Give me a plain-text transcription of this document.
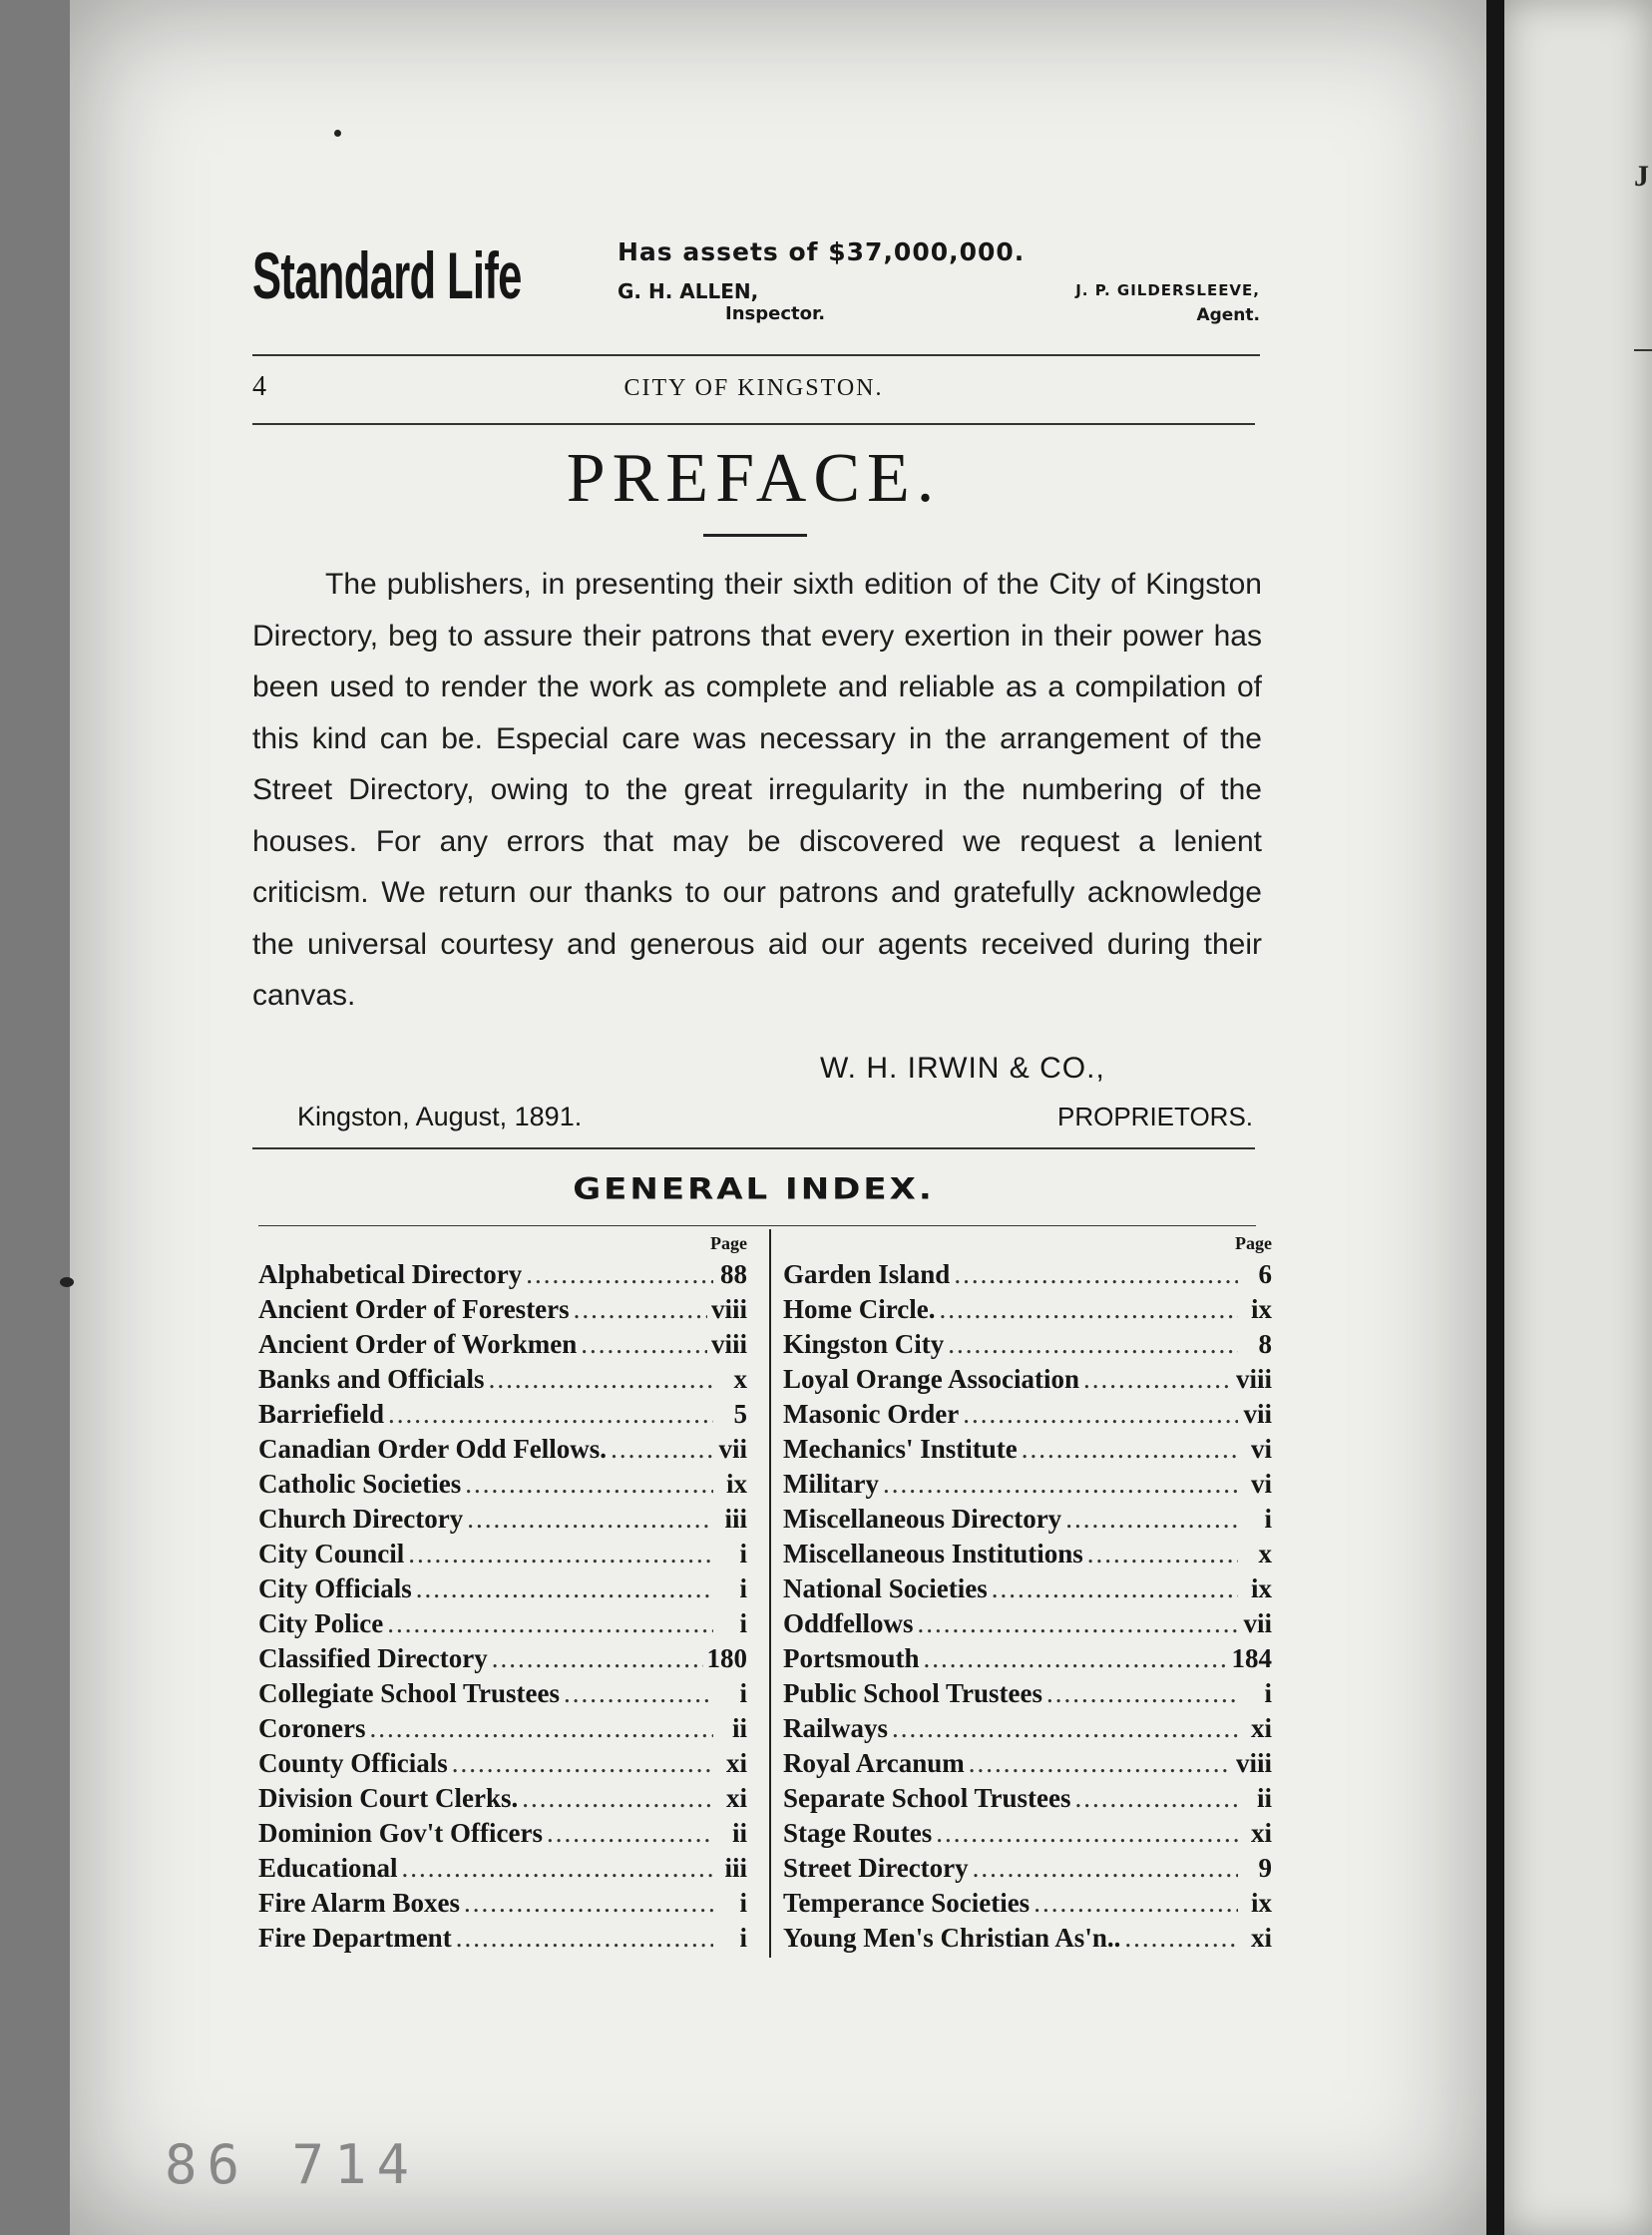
J
Standard Life	Has assets of $37,000,000.
G. H. ALLEN,
Inspector.
J. P. GILDERSLEEVE,
Agent.
4	CITY OF KINGSTON.
PREFACE.

The publishers, in presenting their sixth edition of the City of Kingston Directory, beg to assure their patrons that every exertion in their power has been used to render the work as complete and reliable as a compilation of this kind can be. Especial care was necessary in the arrangement of the Street Directory, owing to the great irregularity in the numbering of the houses. For any errors that may be discovered we request a lenient criticism. We return our thanks to our patrons and gratefully acknowledge the universal courtesy and generous aid our agents received during their canvas.

W. H. IRWIN & CO.,
Kingston, August, 1891.	PROPRIETORS.
GENERAL INDEX.
Page
Alphabetical Directory .....	88
Ancient Order of Foresters .....	viii
Ancient Order of Workmen .....	viii
Banks and Officials .....	x
Barriefield .....	5
Canadian Order Odd Fellows. .....	vii
Catholic Societies .....	ix
Church Directory .....	iii
City Council .....	i
City Officials .....	i
City Police .....	i
Classified Directory .....	180
Collegiate School Trustees .....	i
Coroners .....	ii
County Officials .....	xi
Division Court Clerks. .....	xi
Dominion Gov't Officers .....	ii
Educational .....	iii
Fire Alarm Boxes .....	i
Fire Department .....	i
Page
Garden Island .....	6
Home Circle. .....	ix
Kingston City .....	8
Loyal Orange Association .....	viii
Masonic Order .....	vii
Mechanics' Institute .....	vi
Military .....	vi
Miscellaneous Directory .....	i
Miscellaneous Institutions .....	x
National Societies .....	ix
Oddfellows .....	vii
Portsmouth .....	184
Public School Trustees .....	i
Railways .....	xi
Royal Arcanum .....	viii
Separate School Trustees .....	ii
Stage Routes .....	xi
Street Directory .....	9
Temperance Societies .....	ix
Young Men's Christian As'n.. .....	xi
86 714
